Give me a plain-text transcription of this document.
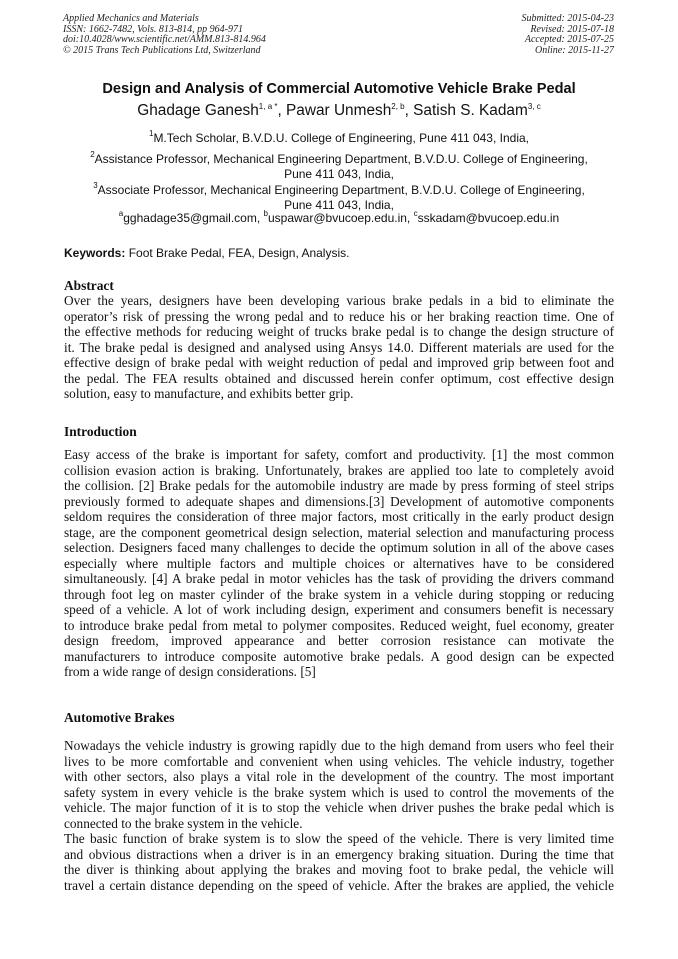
Applied Mechanics and Materials
ISSN: 1662-7482, Vols. 813-814, pp 964-971
doi:10.4028/www.scientific.net/AMM.813-814.964
© 2015 Trans Tech Publications Ltd, Switzerland
Submitted: 2015-04-23
Revised: 2015-07-18
Accepted: 2015-07-25
Online: 2015-11-27
Design and Analysis of Commercial Automotive Vehicle Brake Pedal
Ghadage Ganesh$^{1, a *}$, Pawar Unmesh$^{2, b}$, Satish S. Kadam$^{3, c}$
$^1$M.Tech Scholar, B.V.D.U. College of Engineering, Pune 411 043, India,
$^2$Assistance Professor, Mechanical Engineering Department, B.V.D.U. College of Engineering,
Pune 411 043, India,
$^3$Associate Professor, Mechanical Engineering Department, B.V.D.U. College of Engineering,
Pune 411 043, India,
$^a$gghadage35@gmail.com, $^b$uspawar@bvucoep.edu.in, $^c$sskadam@bvucoep.edu.in
Keywords: Foot Brake Pedal, FEA, Design, Analysis.
Abstract
Over the years, designers have been developing various brake pedals in a bid to eliminate the
operator’s risk of pressing the wrong pedal and to reduce his or her braking reaction time. One of
the effective methods for reducing weight of trucks brake pedal is to change the design structure of
it. The brake pedal is designed and analysed using Ansys 14.0. Different materials are used for the
effective design of brake pedal with weight reduction of pedal and improved grip between foot and
the pedal. The FEA results obtained and discussed herein confer optimum, cost effective design
solution, easy to manufacture, and exhibits better grip.
Introduction
Easy access of the brake is important for safety, comfort and productivity. [1] the most common
collision evasion action is braking. Unfortunately, brakes are applied too late to completely avoid
the collision. [2] Brake pedals for the automobile industry are made by press forming of steel strips
previously formed to adequate shapes and dimensions.[3] Development of automotive components
seldom requires the consideration of three major factors, most critically in the early product design
stage, are the component geometrical design selection, material selection and manufacturing process
selection. Designers faced many challenges to decide the optimum solution in all of the above cases
especially where multiple factors and multiple choices or alternatives have to be considered
simultaneously. [4] A brake pedal in motor vehicles has the task of providing the drivers command
through foot leg on master cylinder of the brake system in a vehicle during stopping or reducing
speed of a vehicle. A lot of work including design, experiment and consumers benefit is necessary
to introduce brake pedal from metal to polymer composites. Reduced weight, fuel economy, greater
design freedom, improved appearance and better corrosion resistance can motivate the
manufacturers to introduce composite automotive brake pedals. A good design can be expected
from a wide range of design considerations. [5]
Automotive Brakes
Nowadays the vehicle industry is growing rapidly due to the high demand from users who feel their
lives to be more comfortable and convenient when using vehicles. The vehicle industry, together
with other sectors, also plays a vital role in the development of the country. The most important
safety system in every vehicle is the brake system which is used to control the movements of the
vehicle. The major function of it is to stop the vehicle when driver pushes the brake pedal which is
connected to the brake system in the vehicle.
The basic function of brake system is to slow the speed of the vehicle. There is very limited time
and obvious distractions when a driver is in an emergency braking situation. During the time that
the diver is thinking about applying the brakes and moving foot to brake pedal, the vehicle will
travel a certain distance depending on the speed of vehicle. After the brakes are applied, the vehicle
